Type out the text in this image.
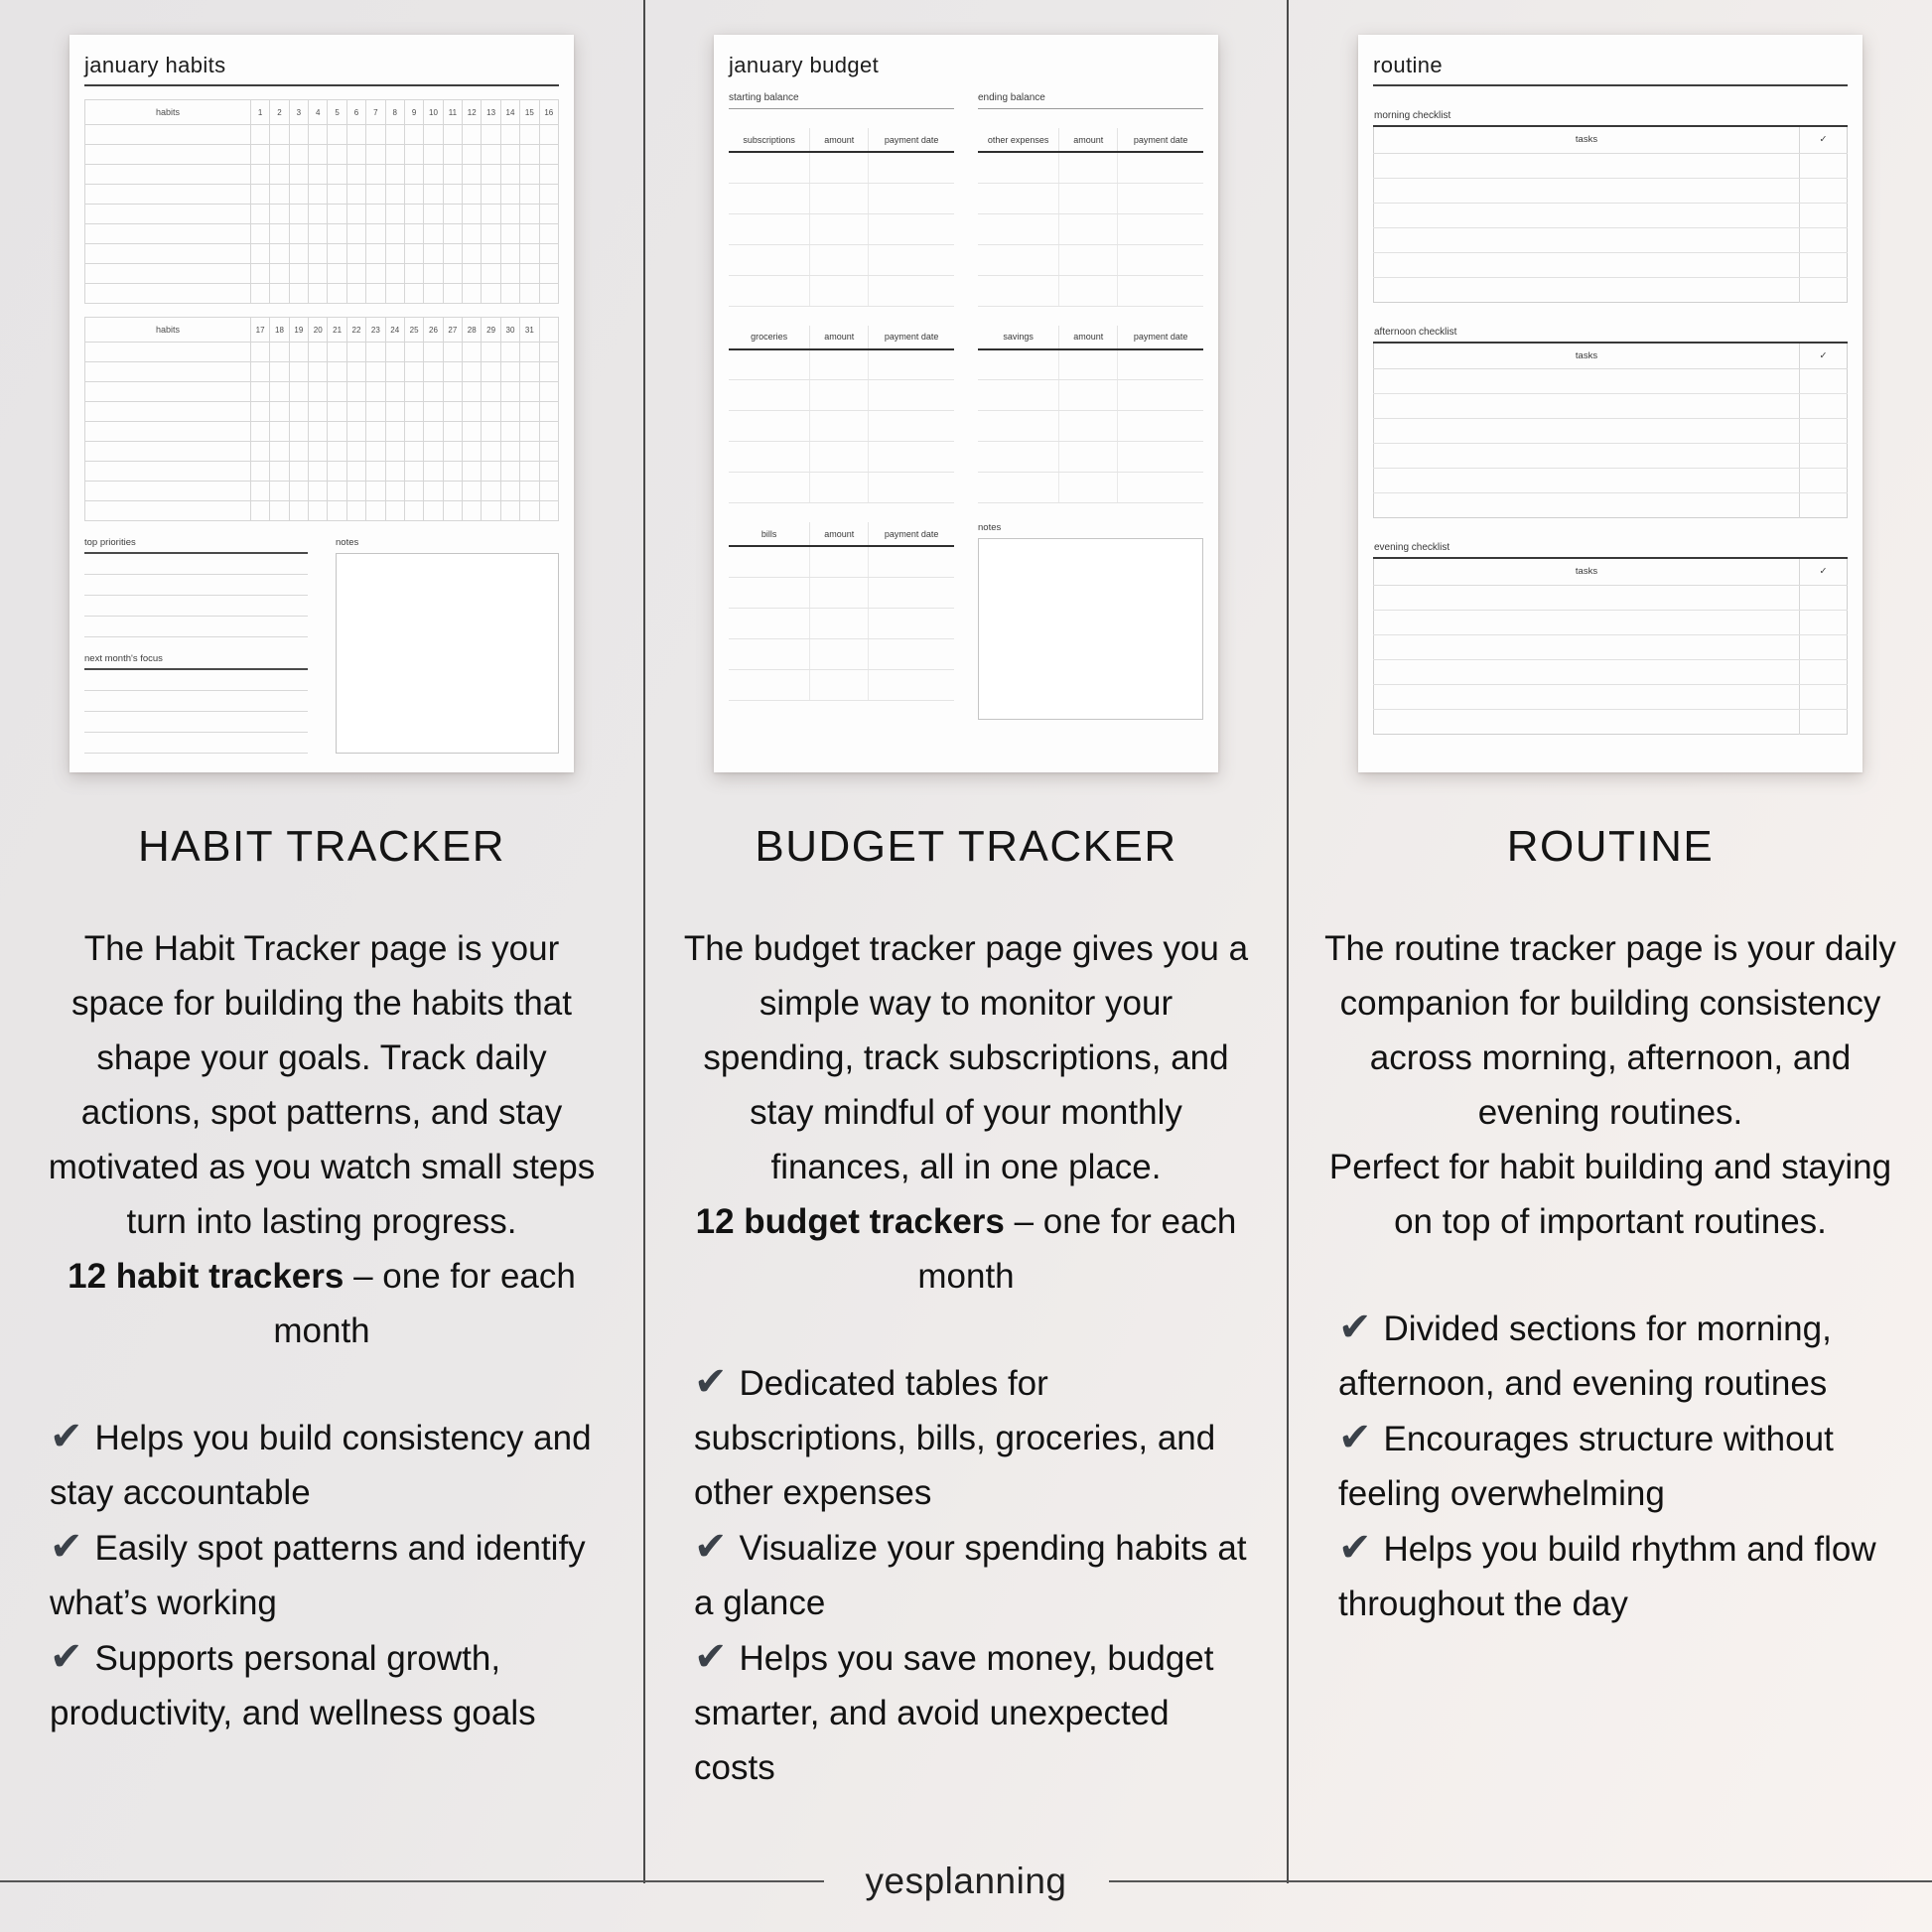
january habits
habits	1	2	3	4	5	6	7	8	9	10	11	12	13	14	15	16

habits	17	18	19	20	21	22	23	24	25	26	27	28	29	30	31	

top priorities
next month's focus
notes
HABIT TRACKER

The Habit Tracker page is your space for building the habits that shape your goals. Track daily actions, spot patterns, and stay motivated as you watch small steps turn into lasting progress.

12 habit trackers – one for each month

✔ Helps you build consistency and stay accountable
✔ Easily spot patterns and identify what’s working
✔ Supports personal growth, productivity, and wellness goals
january budget
starting balance
subscriptions	amount	payment date

groceries	amount	payment date

bills	amount	payment date

ending balance
other expenses	amount	payment date

savings	amount	payment date

notes
BUDGET TRACKER

The budget tracker page gives you a simple way to monitor your spending, track subscriptions, and stay mindful of your monthly finances, all in one place.

12 budget trackers – one for each month

✔ Dedicated tables for subscriptions, bills, groceries, and other expenses
✔ Visualize your spending habits at a glance
✔ Helps you save money, budget smarter, and avoid unexpected costs
routine
morning checklist
tasks	✓

afternoon checklist
tasks	✓

evening checklist
tasks	✓

ROUTINE

The routine tracker page is your daily companion for building consistency across morning, afternoon, and evening routines.

Perfect for habit building and staying on top of important routines.

✔ Divided sections for morning, afternoon, and evening routines
✔ Encourages structure without feeling overwhelming
✔ Helps you build rhythm and flow throughout the day
yesplanning
